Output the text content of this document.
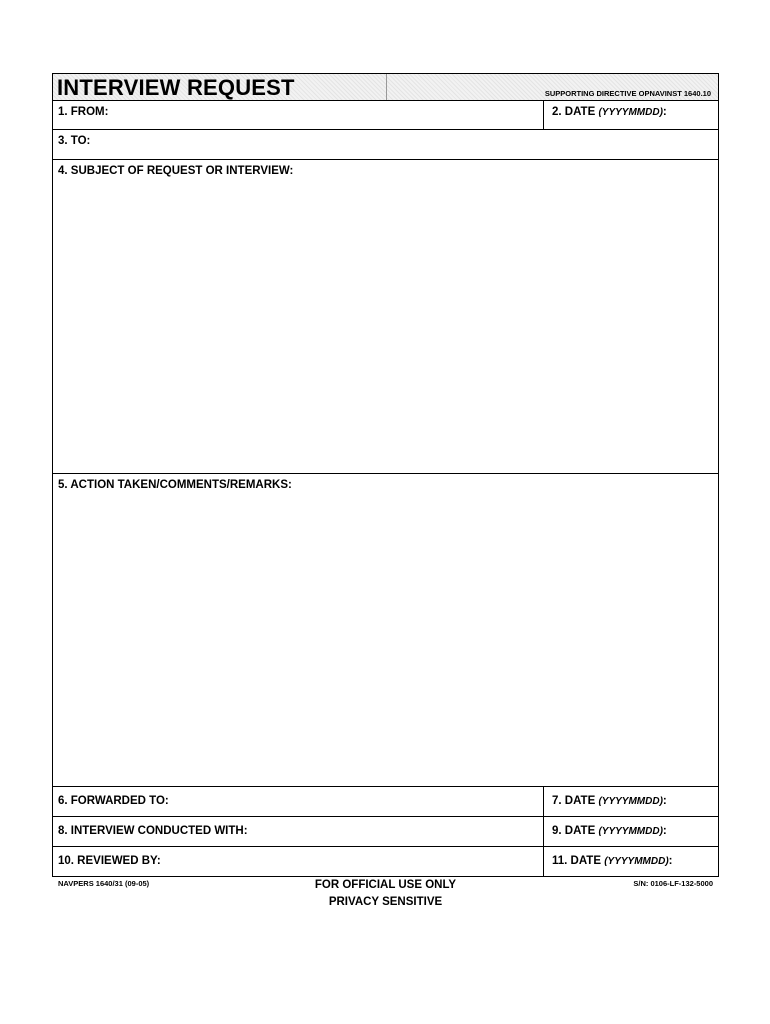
INTERVIEW REQUEST	SUPPORTING DIRECTIVE OPNAVINST 1640.10
1. FROM:	2. DATE (YYYYMMDD):
3. TO:
4. SUBJECT OF REQUEST OR INTERVIEW:
5. ACTION TAKEN/COMMENTS/REMARKS:
6. FORWARDED TO:	7. DATE (YYYYMMDD):
8. INTERVIEW CONDUCTED WITH:	9. DATE (YYYYMMDD):
10. REVIEWED BY:	11. DATE (YYYYMMDD):
NAVPERS 1640/31 (09-05)	FOR OFFICIAL USE ONLY
PRIVACY SENSITIVE
S/N: 0106-LF-132-5000
